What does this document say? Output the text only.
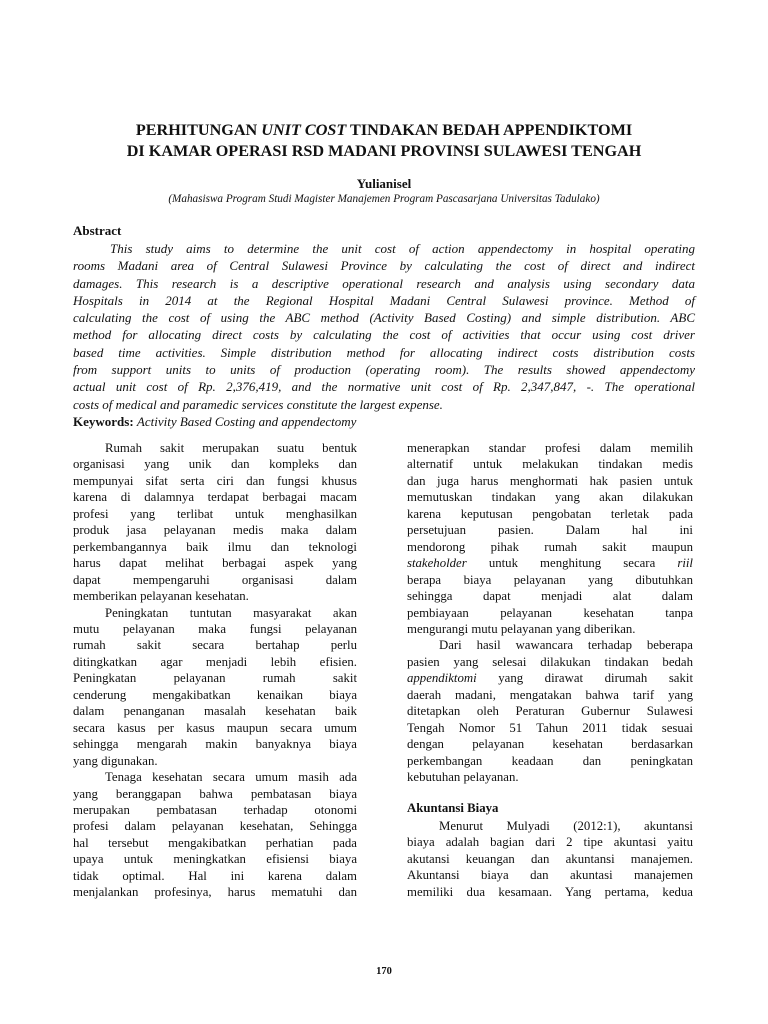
PERHITUNGAN UNIT COST TINDAKAN BEDAH APPENDIKTOMI
DI KAMAR OPERASI RSD MADANI PROVINSI SULAWESI TENGAH
Yulianisel
(Mahasiswa Program Studi Magister Manajemen Program Pascasarjana Universitas Tadulako)
Abstract
This study aims to determine the unit cost of action appendectomy in hospital operating
rooms Madani area of Central Sulawesi Province by calculating the cost of direct and indirect
damages. This research is a descriptive operational research and analysis using secondary data
Hospitals in 2014 at the Regional Hospital Madani Central Sulawesi province. Method of
calculating the cost of using the ABC method (Activity Based Costing) and simple distribution. ABC
method for allocating direct costs by calculating the cost of activities that occur using cost driver
based time activities. Simple distribution method for allocating indirect costs distribution costs
from support units to units of production (operating room). The results showed appendectomy
actual unit cost of Rp. 2,376,419, and the normative unit cost of Rp. 2,347,847, -. The operational
costs of medical and paramedic services constitute the largest expense.
Keywords: Activity Based Costing and appendectomy
Rumah sakit merupakan suatu bentuk
organisasi yang unik dan kompleks dan
mempunyai sifat serta ciri dan fungsi khusus
karena di dalamnya terdapat berbagai macam
profesi yang terlibat untuk menghasilkan
produk jasa pelayanan medis maka dalam
perkembangannya baik ilmu dan teknologi
harus dapat melihat berbagai aspek yang
dapat mempengaruhi organisasi dalam
memberikan pelayanan kesehatan.
Peningkatan tuntutan masyarakat akan
mutu pelayanan maka fungsi pelayanan
rumah sakit secara bertahap perlu
ditingkatkan agar menjadi lebih efisien.
Peningkatan pelayanan rumah sakit
cenderung mengakibatkan kenaikan biaya
dalam penanganan masalah kesehatan baik
secara kasus per kasus maupun secara umum
sehingga mengarah makin banyaknya biaya
yang digunakan.
Tenaga kesehatan secara umum masih ada
yang beranggapan bahwa pembatasan biaya
merupakan pembatasan terhadap otonomi
profesi dalam pelayanan kesehatan, Sehingga
hal tersebut mengakibatkan perhatian pada
upaya untuk meningkatkan efisiensi biaya
tidak optimal. Hal ini karena dalam
menjalankan profesinya, harus mematuhi dan
menerapkan standar profesi dalam memilih
alternatif untuk melakukan tindakan medis
dan juga harus menghormati hak pasien untuk
memutuskan tindakan yang akan dilakukan
karena keputusan pengobatan terletak pada
persetujuan pasien. Dalam hal ini
mendorong pihak rumah sakit maupun
stakeholder untuk menghitung secara riil
berapa biaya pelayanan yang dibutuhkan
sehingga dapat menjadi alat dalam
pembiayaan pelayanan kesehatan tanpa
mengurangi mutu pelayanan yang diberikan.
Dari hasil wawancara terhadap beberapa
pasien yang selesai dilakukan tindakan bedah
appendiktomi yang dirawat dirumah sakit
daerah madani, mengatakan bahwa tarif yang
ditetapkan oleh Peraturan Gubernur Sulawesi
Tengah Nomor 51 Tahun 2011 tidak sesuai
dengan pelayanan kesehatan berdasarkan
perkembangan keadaan dan peningkatan
kebutuhan pelayanan.
Akuntansi Biaya
Menurut Mulyadi (2012:1), akuntansi
biaya adalah bagian dari 2 tipe akuntasi yaitu
akutansi keuangan dan akuntansi manajemen.
Akuntansi biaya dan akuntasi manajemen
memiliki dua kesamaan. Yang pertama, kedua
170
